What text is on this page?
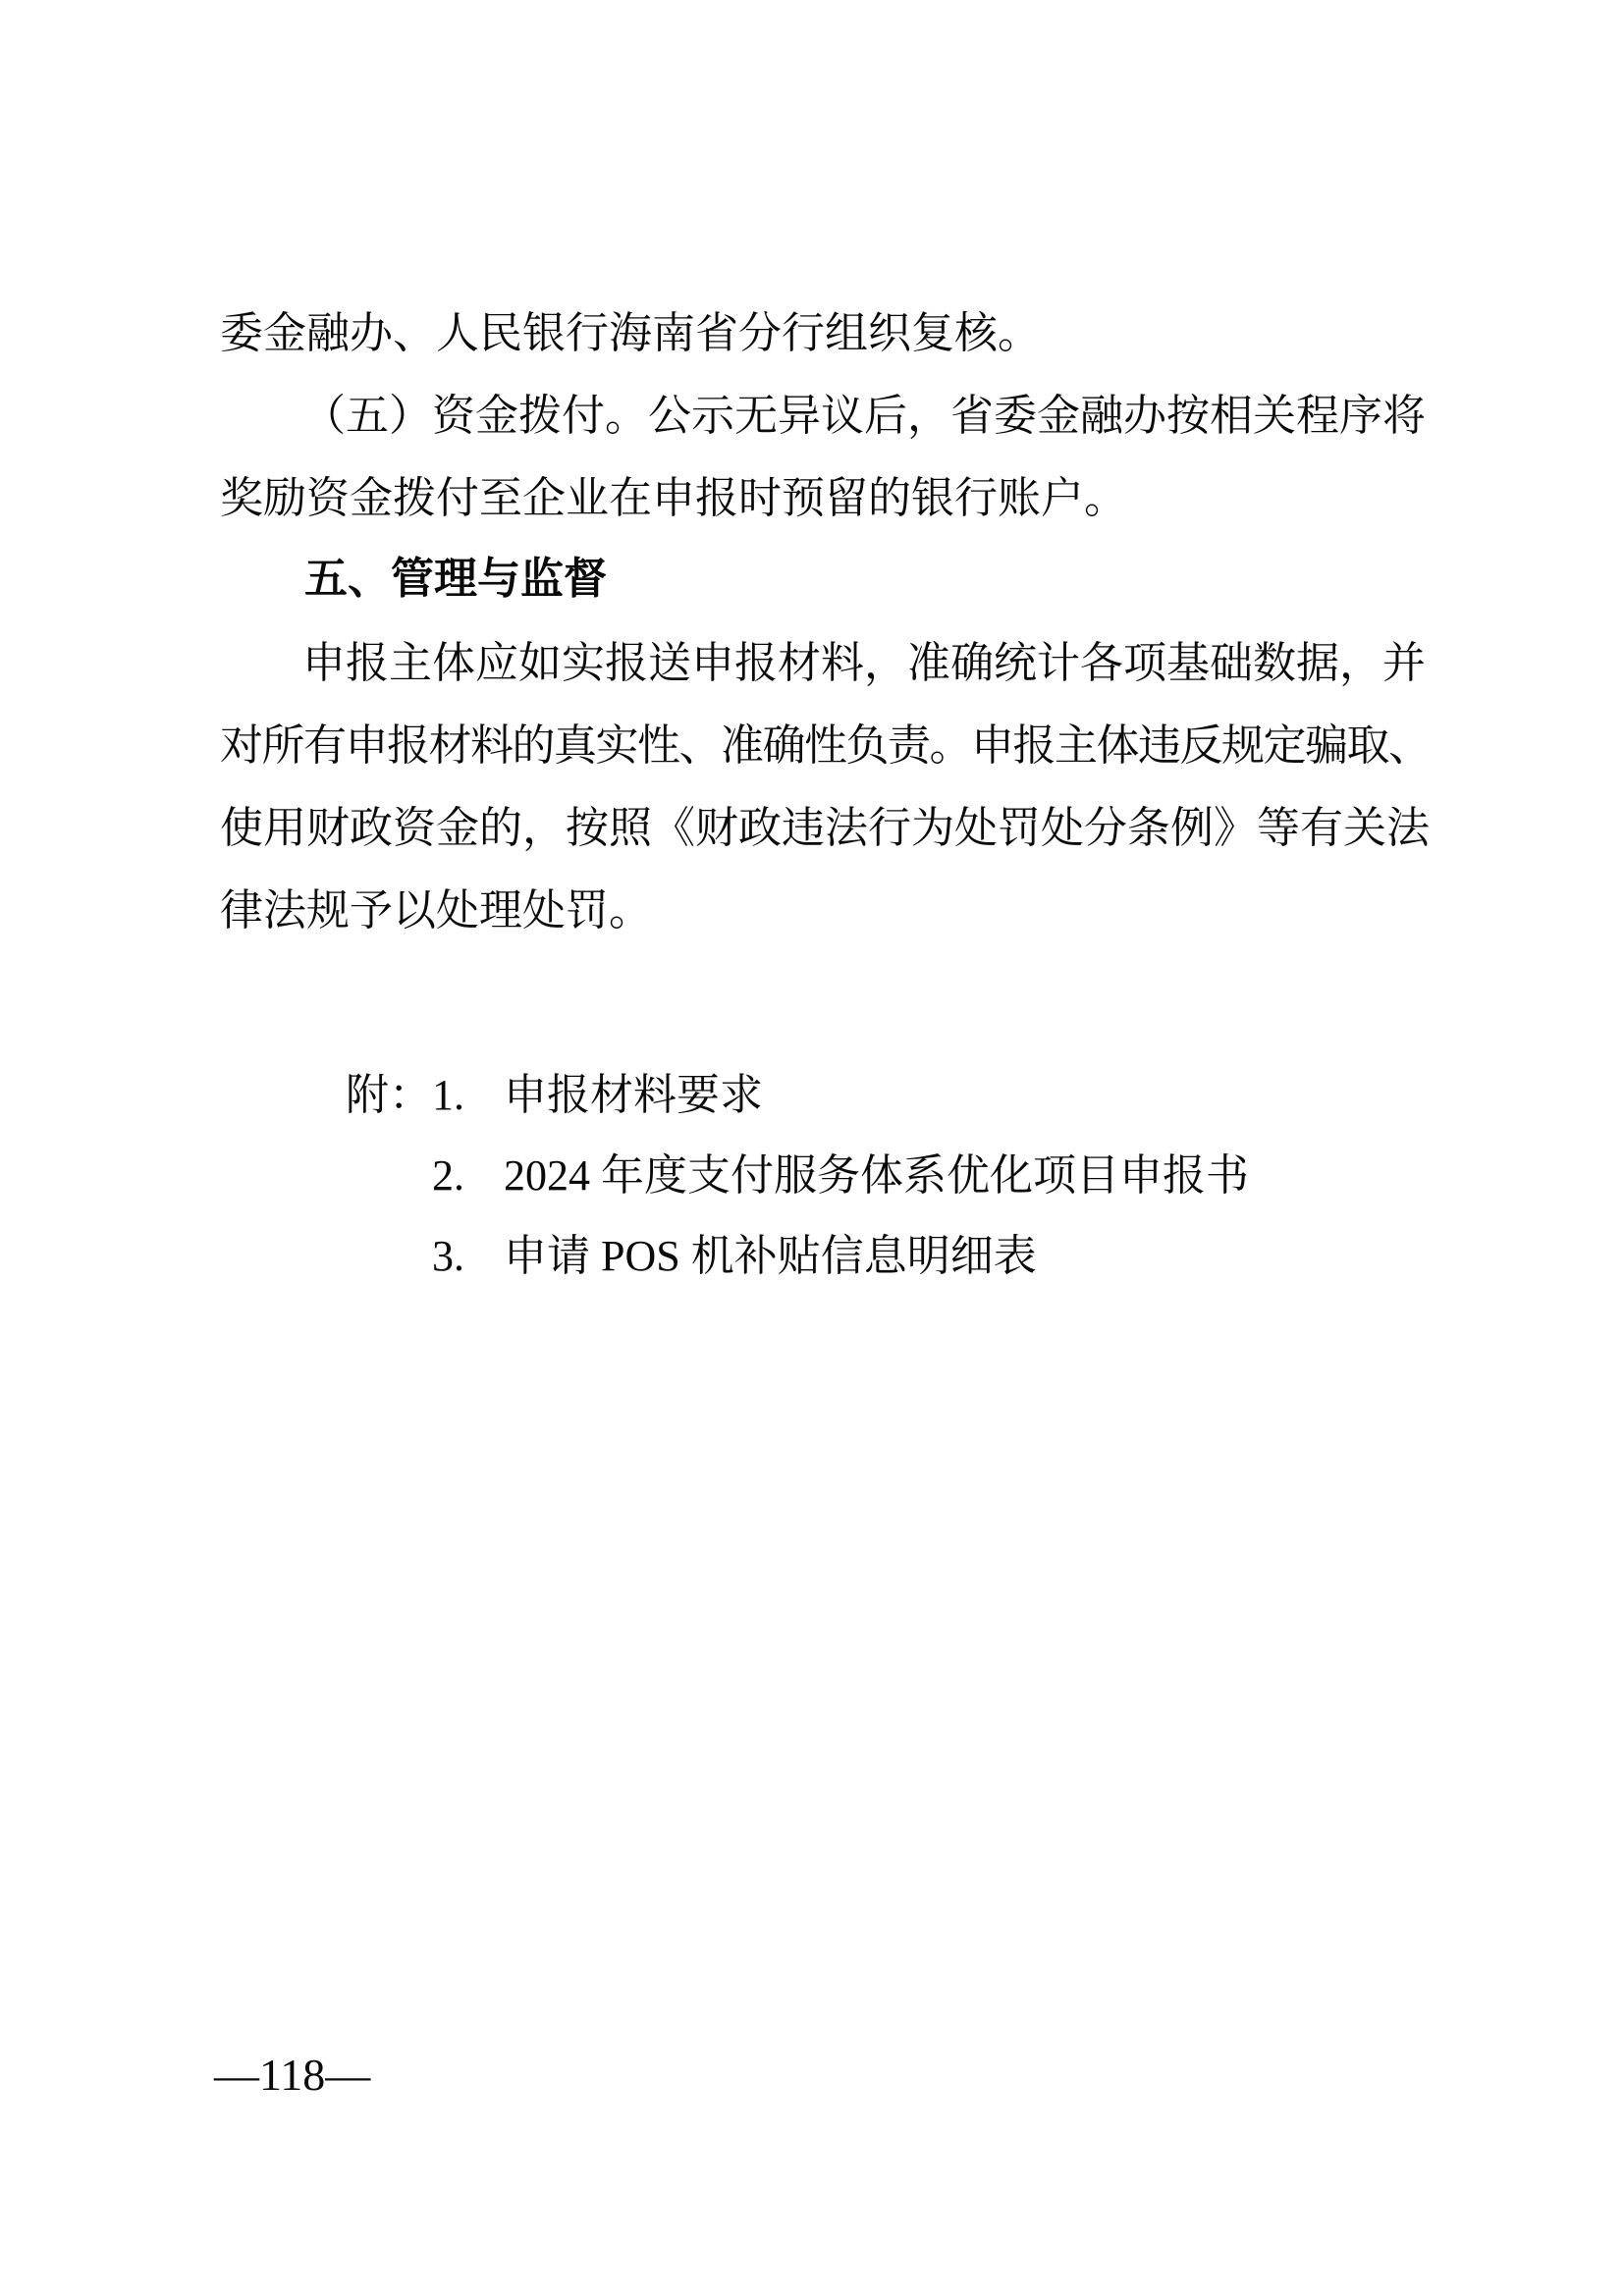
委金融办、人民银行海南省分行组织复核。
（五）资金拨付。公示无异议后，省委金融办按相关程序将
奖励资金拨付至企业在申报时预留的银行账户。
五、管理与监督
申报主体应如实报送申报材料，准确统计各项基础数据，并
对所有申报材料的真实性、准确性负责。申报主体违反规定骗取、
使用财政资金的，按照《财政违法行为处罚处分条例》等有关法
律法规予以处理处罚。

附：1. 申报材料要求

2. 2024 年度支付服务体系优化项目申报书

3. 申请 POS 机补贴信息明细表

—118—
